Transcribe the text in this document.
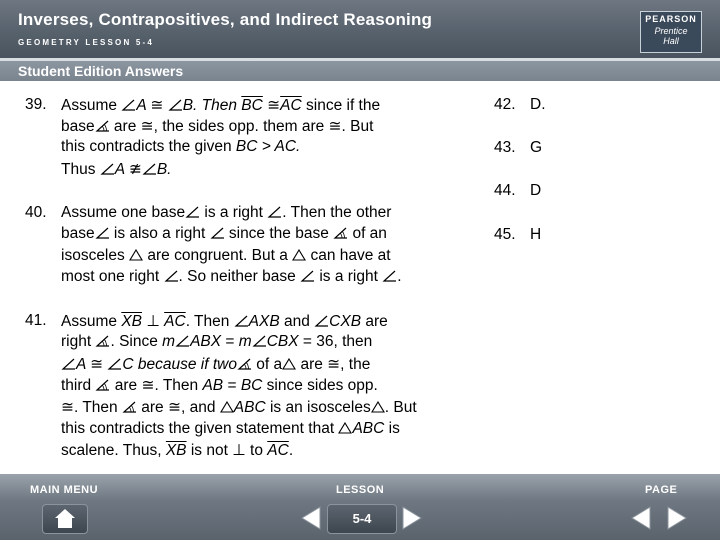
Inverses, Contrapositives, and Indirect Reasoning
GEOMETRY LESSON 5-4
PEARSON
Prentice
Hall
Student Edition Answers
39. Assume A ≅ B. Then $\overline{BC}$ $≅\overline{AC}$ since if the
base are ≅, the sides opp. them are ≅. But
this contradicts the given BC > AC.
Thus A ≇ B.
40. Assume one base is a right . Then the other
base is also a right  since the base  of an
isosceles  are congruent. But a  can have at
most one right . So neither base  is a right .
41. Assume $\overline{XB}$ ⊥ $\overline{AC}$. Then AXB and CXB are
right . Since m ABX = m CBX = 36, then
A ≅ C because if two of a are ≅, the
third  are ≅. Then AB = BC since sides opp.
≅. Then  are ≅, and ABC is an isosceles . But
this contradicts the given statement that ABC is
scalene. Thus, $\overline{XB}$ is not ⊥ to $\overline{AC}$.
42. D.
43. G
44. D
45. H
MAIN MENU	LESSON	PAGE
5-4
